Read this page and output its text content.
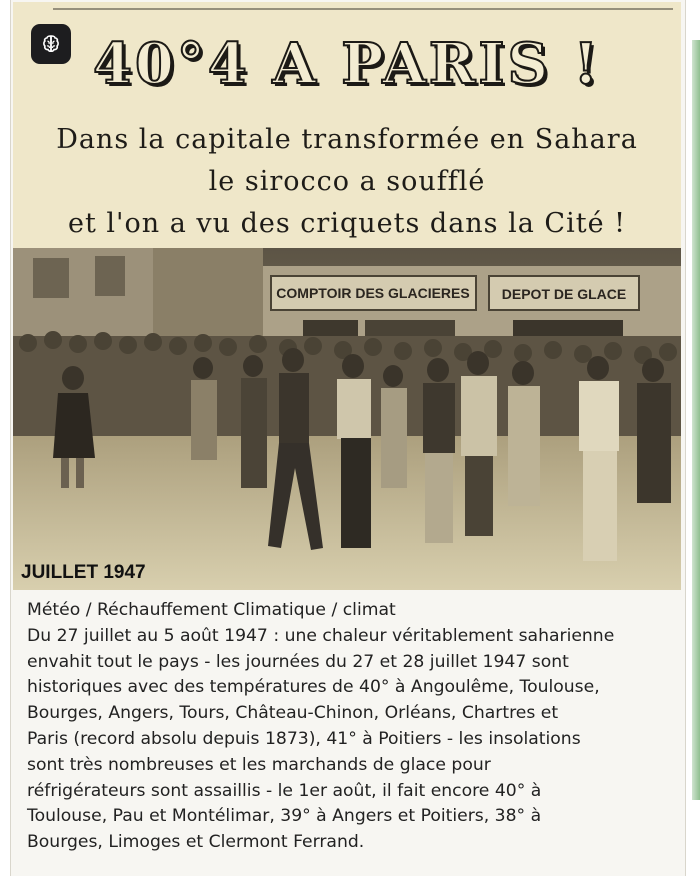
40°4 A PARIS !
Dans la capitale transformée en Sahara
le sirocco a soufflé
et l'on a vu des criquets dans la Cité !
COMPTOIR DES GLACIERES DEPOT DE GLACE
JUILLET 1947
Météo / Réchauffement Climatique / climat
Du 27 juillet au 5 août 1947 : une chaleur véritablement saharienne
envahit tout le pays - les journées du 27 et 28 juillet 1947 sont
historiques avec des températures de 40° à Angoulême, Toulouse,
Bourges, Angers, Tours, Château-Chinon, Orléans, Chartres et
Paris (record absolu depuis 1873), 41° à Poitiers - les insolations
sont très nombreuses et les marchands de glace pour
réfrigérateurs sont assaillis - le 1er août, il fait encore 40° à
Toulouse, Pau et Montélimar, 39° à Angers et Poitiers, 38° à
Bourges, Limoges et Clermont Ferrand.
